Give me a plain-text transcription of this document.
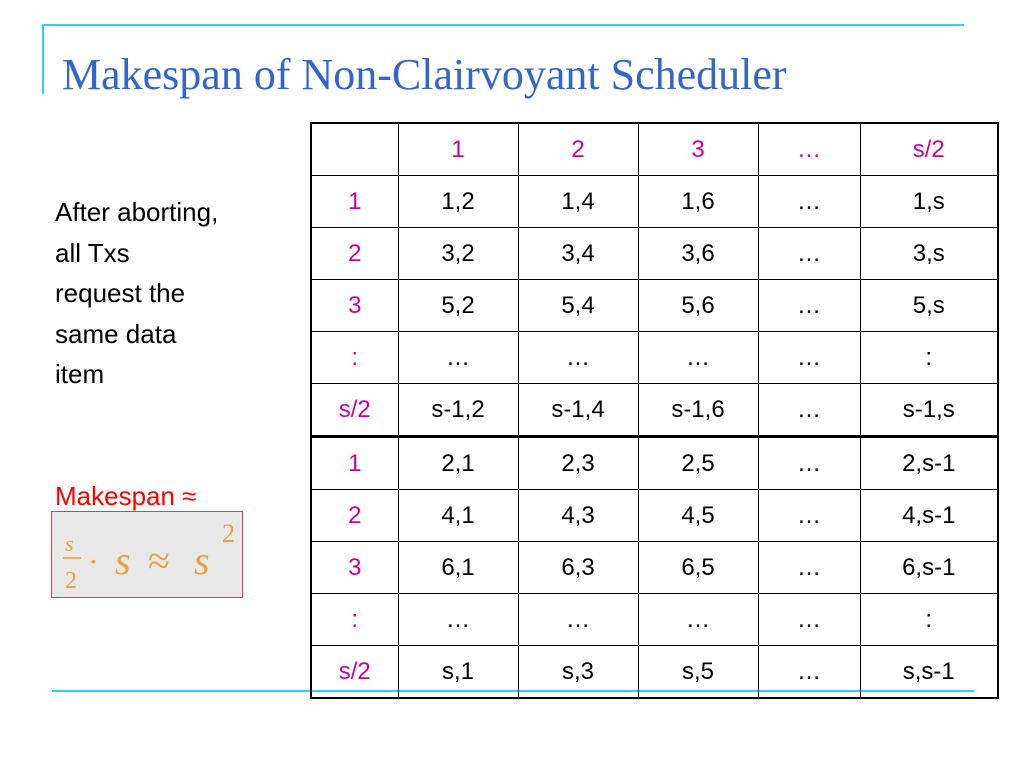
Makespan of Non-Clairvoyant Scheduler
After aborting,
all Txs
request the
same data
item
Makespan ≈
s
2
· s ≈ s
2
	1	2	3	…	s/2
1	1,2	1,4	1,6	…	1,s
2	3,2	3,4	3,6	…	3,s
3	5,2	5,4	5,6	…	5,s
:	…	…	…	…	:
s/2	s-1,2	s-1,4	s-1,6	…	s-1,s
1	2,1	2,3	2,5	…	2,s-1
2	4,1	4,3	4,5	…	4,s-1
3	6,1	6,3	6,5	…	6,s-1
:	…	…	…	…	:
s/2	s,1	s,3	s,5	…	s,s-1
